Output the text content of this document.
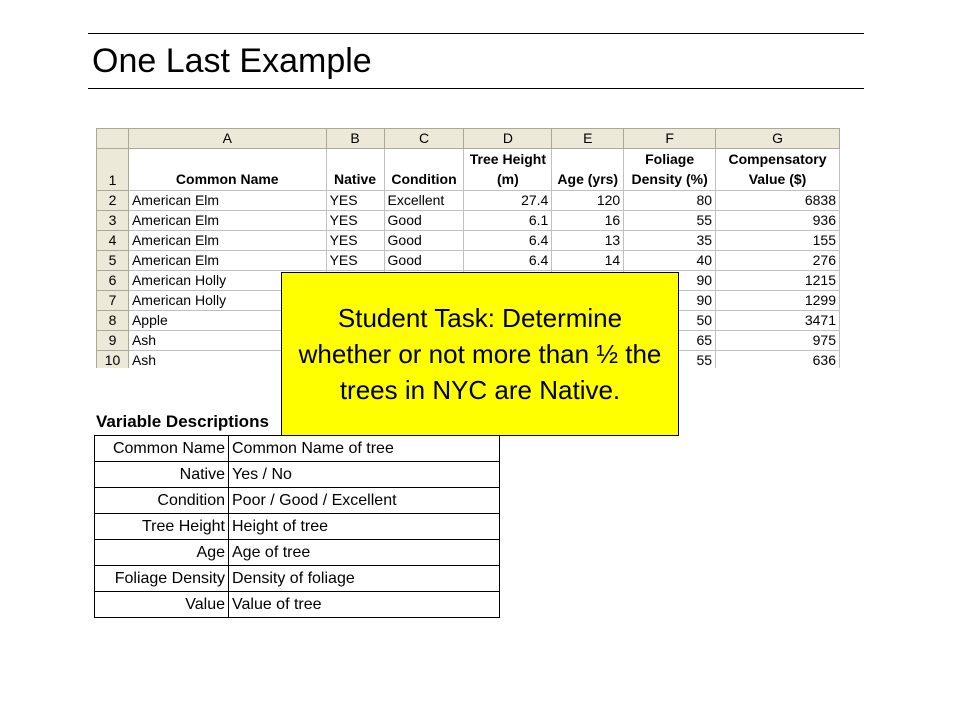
One Last Example
	A	B	C	D	E	F	G
1	Common Name	Native	Condition	Tree Height (m)	Age (yrs)	Foliage Density (%)	Compensatory Value ($)
2	American Elm	YES	Excellent	27.4	120	80	6838
3	American Elm	YES	Good	6.1	16	55	936
4	American Elm	YES	Good	6.4	13	35	155
5	American Elm	YES	Good	6.4	14	40	276
6	American Holly					90	1215
7	American Holly					90	1299
8	Apple					50	3471
9	Ash					65	975
10	Ash					55	636
Variable Descriptions
Common Name	Common Name of tree
Native	Yes / No
Condition	Poor / Good / Excellent
Tree Height	Height of tree
Age	Age of tree
Foliage Density	Density of foliage
Value	Value of tree
Student Task: Determine whether or not more than ½ the trees in NYC are Native.
